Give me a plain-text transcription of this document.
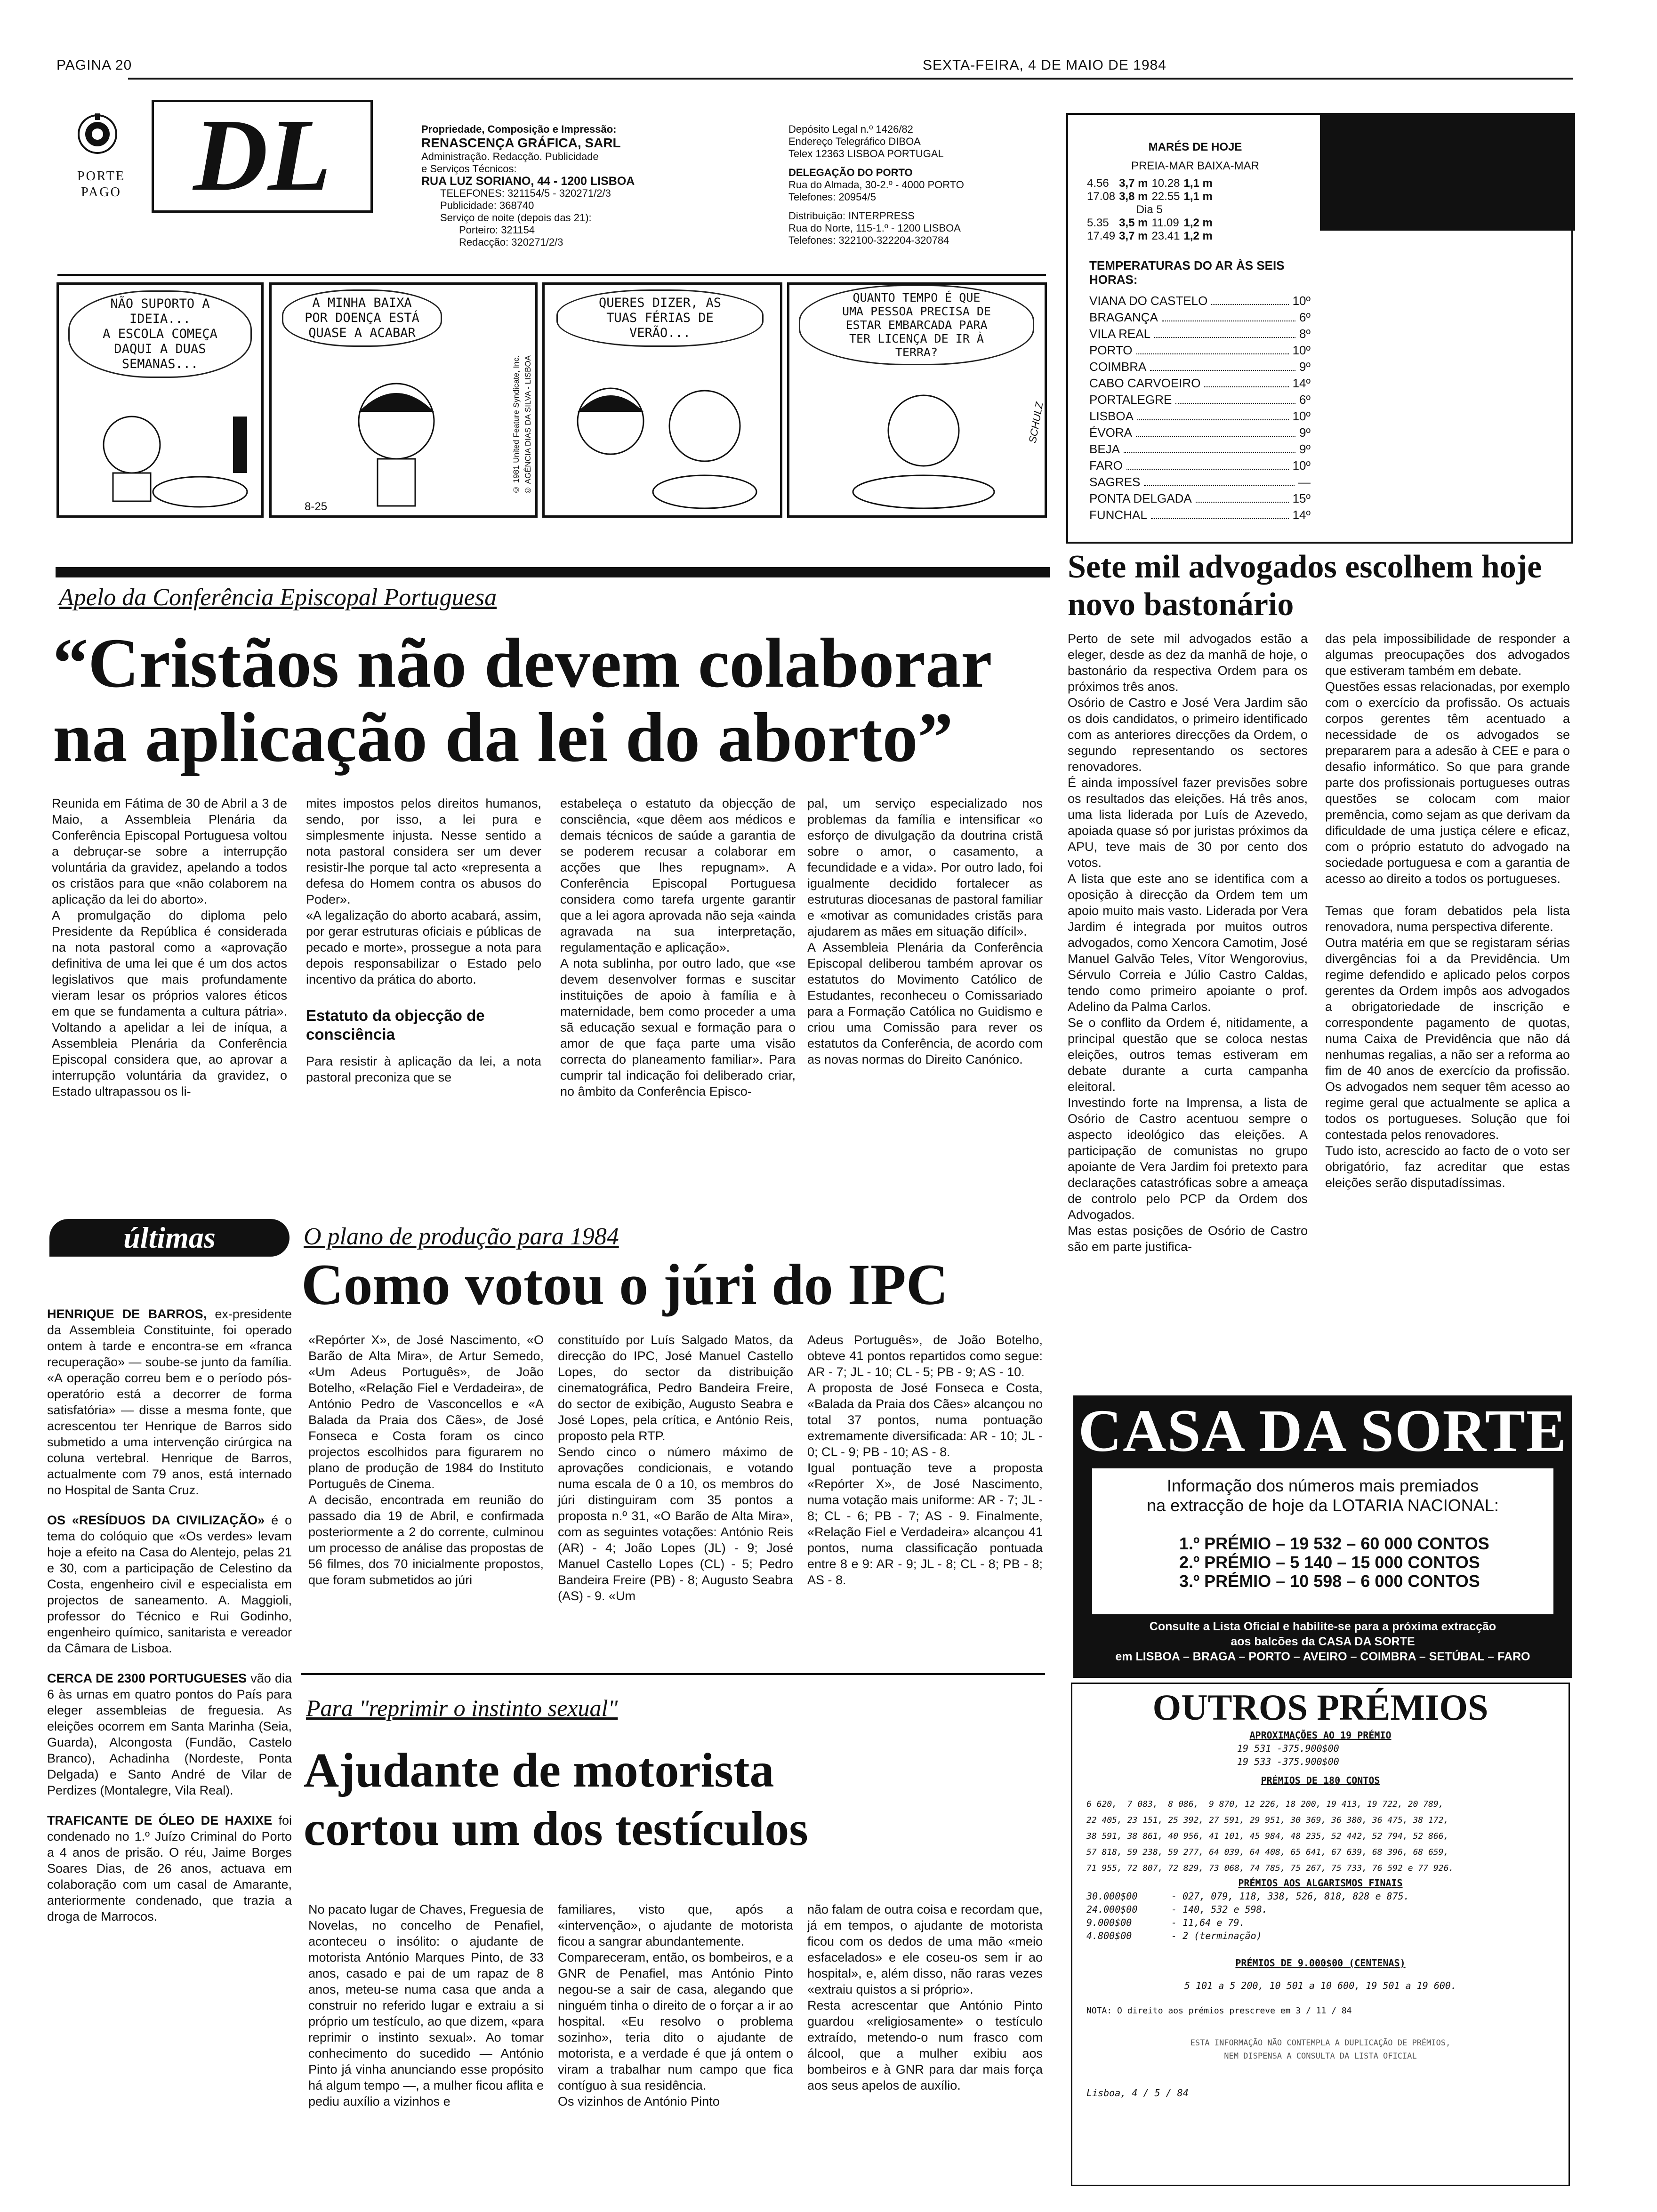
PAGINA 20	SEXTA-FEIRA, 4 DE MAIO DE 1984
PORTE
PAGO DL	Propriedade, Composição e Impressão:
RENASCENÇA GRÁFICA, SARL
Administração. Redacção. Publicidade
e Serviços Técnicos:
RUA LUZ SORIANO, 44 - 1200 LISBOA
TELEFONES: 321154/5 - 320271/2/3
Publicidade: 368740
Serviço de noite (depois das 21):
Porteiro: 321154
Redacção: 320271/2/3
Depósito Legal n.º 1426/82
Endereço Telegráfico DIBOA
Telex 12363 LISBOA PORTUGAL
DELEGAÇÃO DO PORTO
Rua do Almada, 30-2.º - 4000 PORTO
Telefones: 20954/5
Distribuição: INTERPRESS
Rua do Norte, 115-1.º - 1200 LISBOA
Telefones: 322100-322204-320784
NÃO SUPORTO A IDEIA...
A ESCOLA COMEÇA
DAQUI A DUAS
SEMANAS...
A MINHA BAIXA
POR DOENÇA ESTÁ
QUASE A ACABAR
© 1981 United Feature Syndicate, Inc. © AGÊNCIA DIAS DA SILVA - LISBOA
8-25
QUERES DIZER, AS
TUAS FÉRIAS DE
VERÃO...
QUANTO TEMPO É QUE
UMA PESSOA PRECISA DE
ESTAR EMBARCADA PARA
TER LICENÇA DE IR À
TERRA?
SCHULZ
MARÉS DE HOJE
PREIA-MAR BAIXA-MAR
4.56	3,7 m	10.28	1,1 m
17.08	3,8 m	22.55	1,1 m
	Dia 5		
5.35	3,5 m	11.09	1,2 m
17.49	3,7 m	23.41	1,2 m
TEMPERATURAS DO AR ÀS SEIS HORAS:
VIANA DO CASTELO	10º
BRAGANÇA	6º
VILA REAL	8º
PORTO	10º
COIMBRA	9º
CABO CARVOEIRO	14º
PORTALEGRE	6º
LISBOA	10º
ÉVORA	9º
BEJA	9º
FARO	10º
SAGRES	—
PONTA DELGADA	15º
FUNCHAL	14º
Apelo da Conferência Episcopal Portuguesa
“Cristãos não devem colaborar na aplicação da lei do aborto”
Reunida em Fátima de 30 de Abril a 3 de Maio, a Assembleia Plenária da Conferência Episcopal Portuguesa voltou a debruçar-se sobre a interrupção voluntária da gravidez, apelando a todos os cristãos para que «não colaborem na aplicação da lei do aborto».
A promulgação do diploma pelo Presidente da República é considerada na nota pastoral como a «aprovação definitiva de uma lei que é um dos actos legislativos que mais profundamente vieram lesar os próprios valores éticos em que se fundamenta a cultura pátria». Voltando a apelidar a lei de iníqua, a Assembleia Plenária da Conferência Episcopal considera que, ao aprovar a interrupção voluntária da gravidez, o Estado ultrapassou os li-
mites impostos pelos direitos humanos, sendo, por isso, a lei pura e simplesmente injusta. Nesse sentido a nota pastoral considera ser um dever resistir-lhe porque tal acto «representa a defesa do Homem contra os abusos do Poder».
«A legalização do aborto acabará, assim, por gerar estruturas oficiais e públicas de pecado e morte», prossegue a nota para depois responsabilizar o Estado pelo incentivo da prática do aborto.
Estatuto da objecção de consciência
Para resistir à aplicação da lei, a nota pastoral preconiza que se
estabeleça o estatuto da objecção de consciência, «que dêem aos médicos e demais técnicos de saúde a garantia de se poderem recusar a colaborar em acções que lhes repugnam». A Conferência Episcopal Portuguesa considera como tarefa urgente garantir que a lei agora aprovada não seja «ainda agravada na sua interpretação, regulamentação e aplicação».
A nota sublinha, por outro lado, que «se devem desenvolver formas e suscitar instituições de apoio à família e à maternidade, bem como proceder a uma sã educação sexual e formação para o amor de que faça parte uma visão correcta do planeamento familiar». Para cumprir tal indicação foi deliberado criar, no âmbito da Conferência Episco-
pal, um serviço especializado nos problemas da família e intensificar «o esforço de divulgação da doutrina cristã sobre o amor, o casamento, a fecundidade e a vida». Por outro lado, foi igualmente decidido fortalecer as estruturas diocesanas de pastoral familiar e «motivar as comunidades cristãs para ajudarem as mães em situação difícil».
A Assembleia Plenária da Conferência Episcopal deliberou também aprovar os estatutos do Movimento Católico de Estudantes, reconheceu o Comissariado para a Formação Católica no Guidismo e criou uma Comissão para rever os estatutos da Conferência, de acordo com as novas normas do Direito Canónico.
Sete mil advogados escolhem hoje novo bastonário
Perto de sete mil advogados estão a eleger, desde as dez da manhã de hoje, o bastonário da respectiva Ordem para os próximos três anos.
Osório de Castro e José Vera Jardim são os dois candidatos, o primeiro identificado com as anteriores direcções da Ordem, o segundo representando os sectores renovadores.
É ainda impossível fazer previsões sobre os resultados das eleições. Há três anos, uma lista liderada por Luís de Azevedo, apoiada quase só por juristas próximos da APU, teve mais de 30 por cento dos votos.
A lista que este ano se identifica com a oposição à direcção da Ordem tem um apoio muito mais vasto. Liderada por Vera Jardim é integrada por muitos outros advogados, como Xencora Camotim, José Manuel Galvão Teles, Vítor Wengorovius, Sérvulo Correia e Júlio Castro Caldas, tendo como primeiro apoiante o prof. Adelino da Palma Carlos.
Se o conflito da Ordem é, nitidamente, a principal questão que se coloca nestas eleições, outros temas estiveram em debate durante a curta campanha eleitoral.
Investindo forte na Imprensa, a lista de Osório de Castro acentuou sempre o aspecto ideológico das eleições. A participação de comunistas no grupo apoiante de Vera Jardim foi pretexto para declarações catastróficas sobre a ameaça de controlo pelo PCP da Ordem dos Advogados.
Mas estas posições de Osório de Castro são em parte justifica-
das pela impossibilidade de responder a algumas preocupações dos advogados que estiveram também em debate.
Questões essas relacionadas, por exemplo com o exercício da profissão. Os actuais corpos gerentes têm acentuado a necessidade de os advogados se prepararem para a adesão à CEE e para o desafio informático. So que para grande parte dos profissionais portugueses outras questões se colocam com maior premência, como sejam as que derivam da dificuldade de uma justiça célere e eficaz, com o próprio estatuto do advogado na sociedade portuguesa e com a garantia de acesso ao direito a todos os portugueses.

Temas que foram debatidos pela lista renovadora, numa perspectiva diferente.
Outra matéria em que se registaram sérias divergências foi a da Previdência. Um regime defendido e aplicado pelos corpos gerentes da Ordem impôs aos advogados a obrigatoriedade de inscrição e correspondente pagamento de quotas, numa Caixa de Previdência que não dá nenhumas regalias, a não ser a reforma ao fim de 40 anos de exercício da profissão. Os advogados nem sequer têm acesso ao regime geral que actualmente se aplica a todos os portugueses. Solução que foi contestada pelos renovadores.
Tudo isto, acrescido ao facto de o voto ser obrigatório, faz acreditar que estas eleições serão disputadíssimas.
últimas
HENRIQUE DE BARROS, ex-presidente da Assembleia Constituinte, foi operado ontem à tarde e encontra-se em «franca recuperação» — soube-se junto da família. «A operação correu bem e o período pós-operatório está a decorrer de forma satisfatória» — disse a mesma fonte, que acrescentou ter Henrique de Barros sido submetido a uma intervenção cirúrgica na coluna vertebral. Henrique de Barros, actualmente com 79 anos, está internado no Hospital de Santa Cruz.
OS «RESÍDUOS DA CIVILIZAÇÃO» é o tema do colóquio que «Os verdes» levam hoje a efeito na Casa do Alentejo, pelas 21 e 30, com a participação de Celestino da Costa, engenheiro civil e especialista em projectos de saneamento. A. Maggioli, professor do Técnico e Rui Godinho, engenheiro químico, sanitarista e vereador da Câmara de Lisboa.
CERCA DE 2300 PORTUGUESES vão dia 6 às urnas em quatro pontos do País para eleger assembleias de freguesia. As eleições ocorrem em Santa Marinha (Seia, Guarda), Alcongosta (Fundão, Castelo Branco), Achadinha (Nordeste, Ponta Delgada) e Santo André de Vilar de Perdizes (Montalegre, Vila Real).
TRAFICANTE DE ÓLEO DE HAXIXE foi condenado no 1.º Juízo Criminal do Porto a 4 anos de prisão. O réu, Jaime Borges Soares Dias, de 26 anos, actuava em colaboração com um casal de Amarante, anteriormente condenado, que trazia a droga de Marrocos.
O plano de produção para 1984
Como votou o júri do IPC
«Repórter X», de José Nascimento, «O Barão de Alta Mira», de Artur Semedo, «Um Adeus Português», de João Botelho, «Relação Fiel e Verdadeira», de António Pedro de Vasconcellos e «A Balada da Praia dos Cães», de José Fonseca e Costa foram os cinco projectos escolhidos para figurarem no plano de produção de 1984 do Instituto Português de Cinema.
A decisão, encontrada em reunião do passado dia 19 de Abril, e confirmada posteriormente a 2 do corrente, culminou um processo de análise das propostas de 56 filmes, dos 70 inicialmente propostos, que foram submetidos ao júri
constituído por Luís Salgado Matos, da direcção do IPC, José Manuel Castello Lopes, do sector da distribuição cinematográfica, Pedro Bandeira Freire, do sector de exibição, Augusto Seabra e José Lopes, pela crítica, e António Reis, proposto pela RTP.
Sendo cinco o número máximo de aprovações condicionais, e votando numa escala de 0 a 10, os membros do júri distinguiram com 35 pontos a proposta n.º 31, «O Barão de Alta Mira», com as seguintes votações: António Reis (AR) - 4; João Lopes (JL) - 9; José Manuel Castello Lopes (CL) - 5; Pedro Bandeira Freire (PB) - 8; Augusto Seabra (AS) - 9. «Um
Adeus Português», de João Botelho, obteve 41 pontos repartidos como segue: AR - 7; JL - 10; CL - 5; PB - 9; AS - 10.
A proposta de José Fonseca e Costa, «Balada da Praia dos Cães» alcançou no total 37 pontos, numa pontuação extremamente diversificada: AR - 10; JL - 0; CL - 9; PB - 10; AS - 8.
Igual pontuação teve a proposta «Repórter X», de José Nascimento, numa votação mais uniforme: AR - 7; JL - 8; CL - 6; PB - 7; AS - 9. Finalmente, «Relação Fiel e Verdadeira» alcançou 41 pontos, numa classificação pontuada entre 8 e 9: AR - 9; JL - 8; CL - 8; PB - 8; AS - 8.
Para "reprimir o instinto sexual"
Ajudante de motorista cortou um dos testículos
No pacato lugar de Chaves, Freguesia de Novelas, no concelho de Penafiel, aconteceu o insólito: o ajudante de motorista António Marques Pinto, de 33 anos, casado e pai de um rapaz de 8 anos, meteu-se numa casa que anda a construir no referido lugar e extraiu a si próprio um testículo, ao que dizem, «para reprimir o instinto sexual». Ao tomar conhecimento do sucedido — António Pinto já vinha anunciando esse propósito há algum tempo —, a mulher ficou aflita e pediu auxílio a vizinhos e
familiares, visto que, após a «intervenção», o ajudante de motorista ficou a sangrar abundantemente.
Compareceram, então, os bombeiros, e a GNR de Penafiel, mas António Pinto negou-se a sair de casa, alegando que ninguém tinha o direito de o forçar a ir ao hospital. «Eu resolvo o problema sozinho», teria dito o ajudante de motorista, e a verdade é que já ontem o viram a trabalhar num campo que fica contíguo à sua residência.
Os vizinhos de António Pinto
não falam de outra coisa e recordam que, já em tempos, o ajudante de motorista ficou com os dedos de uma mão «meio esfacelados» e ele coseu-os sem ir ao hospital», e, além disso, não raras vezes «extraiu quistos a si próprio».
Resta acrescentar que António Pinto guardou «religiosamente» o testículo extraído, metendo-o num frasco com álcool, que a mulher exibiu aos bombeiros e à GNR para dar mais força aos seus apelos de auxílio.
CASA DA SORTE
Informação dos números mais premiados
na extracção de hoje da LOTARIA NACIONAL:
1.º PRÉMIO – 19 532 – 60 000 CONTOS
2.º PRÉMIO – 5 140 – 15 000 CONTOS
3.º PRÉMIO – 10 598 – 6 000 CONTOS
Consulte a Lista Oficial e habilite-se para a próxima extracção
aos balcões da CASA DA SORTE
em LISBOA – BRAGA – PORTO – AVEIRO – COIMBRA – SETÚBAL – FARO
OUTROS PRÉMIOS
APROXIMAÇÕES AO 19 PRÉMIO
19 531 -375.900$00
19 533 -375.900$00
PRÉMIOS DE 180 CONTOS
6 620,  7 083,  8 086,  9 870, 12 226, 18 200, 19 413, 19 722, 20 789,
22 405, 23 151, 25 392, 27 591, 29 951, 30 369, 36 380, 36 475, 38 172,
38 591, 38 861, 40 956, 41 101, 45 984, 48 235, 52 442, 52 794, 52 866,
57 818, 59 238, 59 277, 64 039, 64 408, 65 641, 67 639, 68 396, 68 659,
71 955, 72 807, 72 829, 73 068, 74 785, 75 267, 75 733, 76 592 e 77 926.
PRÉMIOS AOS ALGARISMOS FINAIS
30.000$00	- 027, 079, 118, 338, 526, 818, 828 e 875.
24.000$00	- 140, 532 e 598.
9.000$00	- 11,64 e 79.
4.800$00	- 2 (terminação)
PRÉMIOS DE 9.000$00 (CENTENAS)
5 101 a 5 200, 10 501 a 10 600, 19 501 a 19 600.
NOTA: O direito aos prémios prescreve em 3 / 11 / 84
ESTA INFORMAÇÃO NÃO CONTEMPLA A DUPLICAÇÃO DE PRÉMIOS,
NEM DISPENSA A CONSULTA DA LISTA OFICIAL
Lisboa, 4 / 5 / 84
